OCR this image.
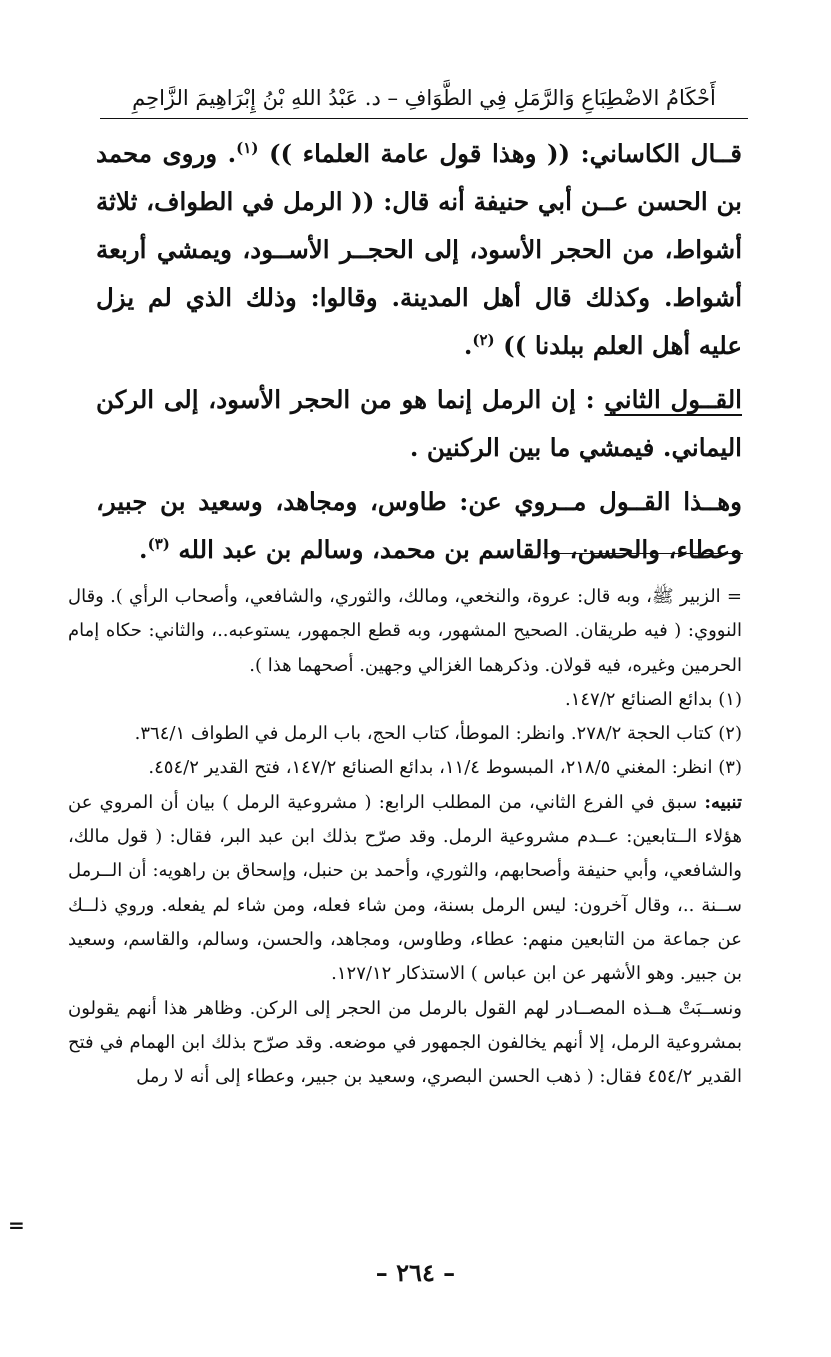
أَحْكَامُ الاضْطِبَاعِ وَالرَّمَلِ فِي الطَّوَافِ – د. عَبْدُ اللهِ بْنُ إِبْرَاهِيمَ الزَّاحِمِ

قــال الكاساني: (( وهذا قول عامة العلماء )) $^{(١)}$. وروى محمد بن الحسن عــن أبي حنيفة أنه قال: (( الرمل في الطواف، ثلاثة أشواط، من الحجر الأسود، إلى الحجــر الأســود، ويمشي أربعة أشواط. وكذلك قال أهل المدينة. وقالوا: وذلك الذي لم يزل عليه أهل العلم ببلدنا )) $^{(٢)}$.

القــول الثاني : إن الرمل إنما هو من الحجر الأسود، إلى الركن اليماني. فيمشي ما بين الركنين .

وهــذا القــول مــروي عن: طاوس، ومجاهد، وسعيد بن جبير، وعطاء، والحسن، والقاسم بن محمد، وسالم بن عبد الله $^{(٣)}$.

= الزبير ﷺ، وبه قال: عروة، والنخعي، ومالك، والثوري، والشافعي، وأصحاب الرأي ). وقال النووي: ( فيه طريقان. الصحيح المشهور، وبه قطع الجمهور، يستوعبه..، والثاني: حكاه إمام الحرمين وغيره، فيه قولان. وذكرهما الغزالي وجهين. أصحهما هذا ).

(١) بدائع الصنائع ١٤٧/٢.

(٢) كتاب الحجة ٢٧٨/٢. وانظر: الموطأ، كتاب الحج، باب الرمل في الطواف ٣٦٤/١.

(٣) انظر: المغني ٢١٨/٥، المبسوط ١١/٤، بدائع الصنائع ١٤٧/٢، فتح القدير ٤٥٤/٢.

تنبيه: سبق في الفرع الثاني، من المطلب الرابع: ( مشروعية الرمل ) بيان أن المروي عن هؤلاء الــتابعين: عــدم مشروعية الرمل. وقد صرّح بذلك ابن عبد البر، فقال: ( قول مالك، والشافعي، وأبي حنيفة وأصحابهم، والثوري، وأحمد بن حنبل، وإسحاق بن راهويه: أن الــرمل ســنة ..، وقال آخرون: ليس الرمل بسنة، ومن شاء فعله، ومن شاء لم يفعله. وروي ذلــك عن جماعة من التابعين منهم: عطاء، وطاوس، ومجاهد، والحسن، وسالم، والقاسم، وسعيد بن جبير. وهو الأشهر عن ابن عباس ) الاستذكار ١٢٧/١٢.

ونســبَتْ هــذه المصــادر لهم القول بالرمل من الحجر إلى الركن. وظاهر هذا أنهم يقولون بمشروعية الرمل، إلا أنهم يخالفون الجمهور في موضعه. وقد صرّح بذلك ابن الهمام في فتح القدير ٤٥٤/٢ فقال: ( ذهب الحسن البصري، وسعيد بن جبير، وعطاء إلى أنه لا رمل

=
– ٢٦٤ –
